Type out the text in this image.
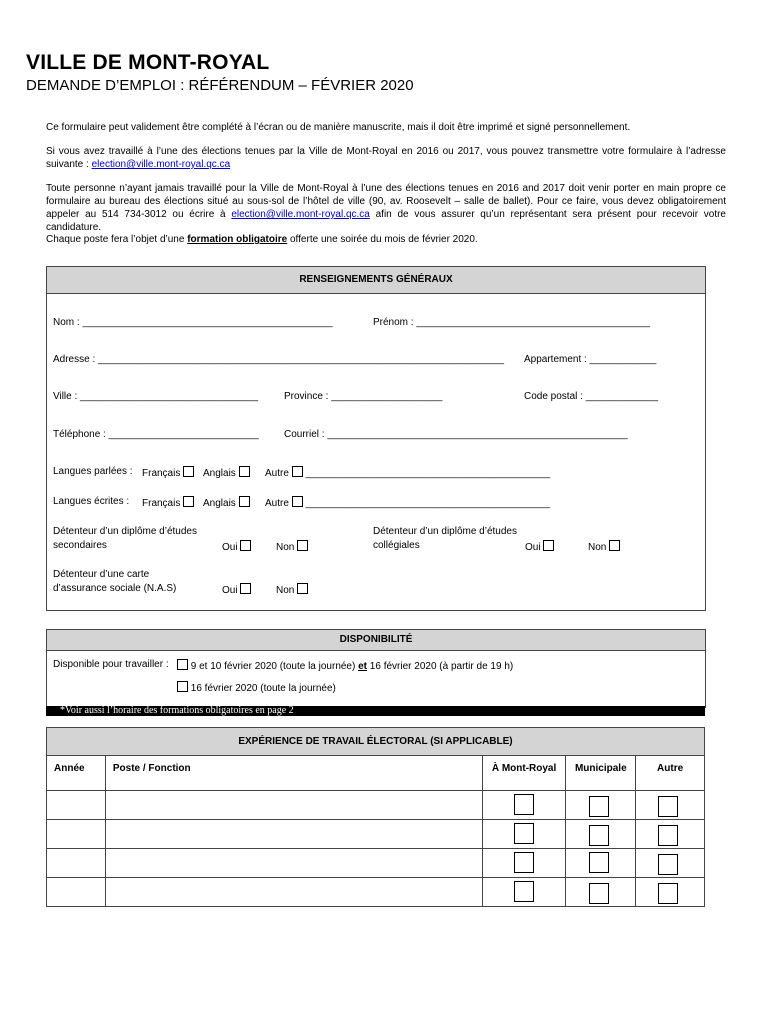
VILLE DE MONT-ROYAL
DEMANDE D’EMPLOI : RÉFÉRENDUM – FÉVRIER 2020
Ce formulaire peut validement être complété à l’écran ou de manière manuscrite, mais il doit être imprimé et signé personnellement.
Si vous avez travaillé à l’une des élections tenues par la Ville de Mont-Royal en 2016 ou 2017, vous pouvez transmettre votre formulaire à l’adresse suivante : election@ville.mont-royal.qc.ca
Toute personne n’ayant jamais travaillé pour la Ville de Mont-Royal à l’une des élections tenues en 2016 and 2017 doit venir porter en main propre ce formulaire au bureau des élections situé au sous-sol de l’hôtel de ville (90, av. Roosevelt – salle de ballet). Pour ce faire, vous devez obligatoirement appeler au 514 734-3012 ou écrire à election@ville.mont-royal.qc.ca afin de vous assurer qu’un représentant sera présent pour recevoir votre candidature.
Chaque poste fera l’objet d’une formation obligatoire offerte une soirée du mois de février 2020.
RENSEIGNEMENTS GÉNÉRAUX
Nom : _____________________________________________	Prénom : __________________________________________
Adresse : _________________________________________________________________________ Appartement : ____________
Ville : ________________________________	Province : ____________________	Code postal : _____________
Téléphone : ___________________________	Courriel : ______________________________________________________
Langues parlées : Français	Anglais	Autre ____________________________________________
Langues écrites : Français	Anglais	Autre ____________________________________________
Détenteur d’un diplôme d’études
secondaires	Oui	Non
Détenteur d’un diplôme d’études
collégiales	Oui	Non
Détenteur d’une carte
d’assurance sociale (N.A.S)	Oui	Non
DISPONIBILITÉ
Disponible pour travailler :	9 et 10 février 2020 (toute la journée) et 16 février 2020 (à partir de 19 h)
16 février 2020 (toute la journée)
*Voir aussi l’horaire des formations obligatoires en page 2
EXPÉRIENCE DE TRAVAIL ÉLECTORAL (SI APPLICABLE)				
Année	Poste / Fonction	À Mont-Royal	Municipale	Autre
